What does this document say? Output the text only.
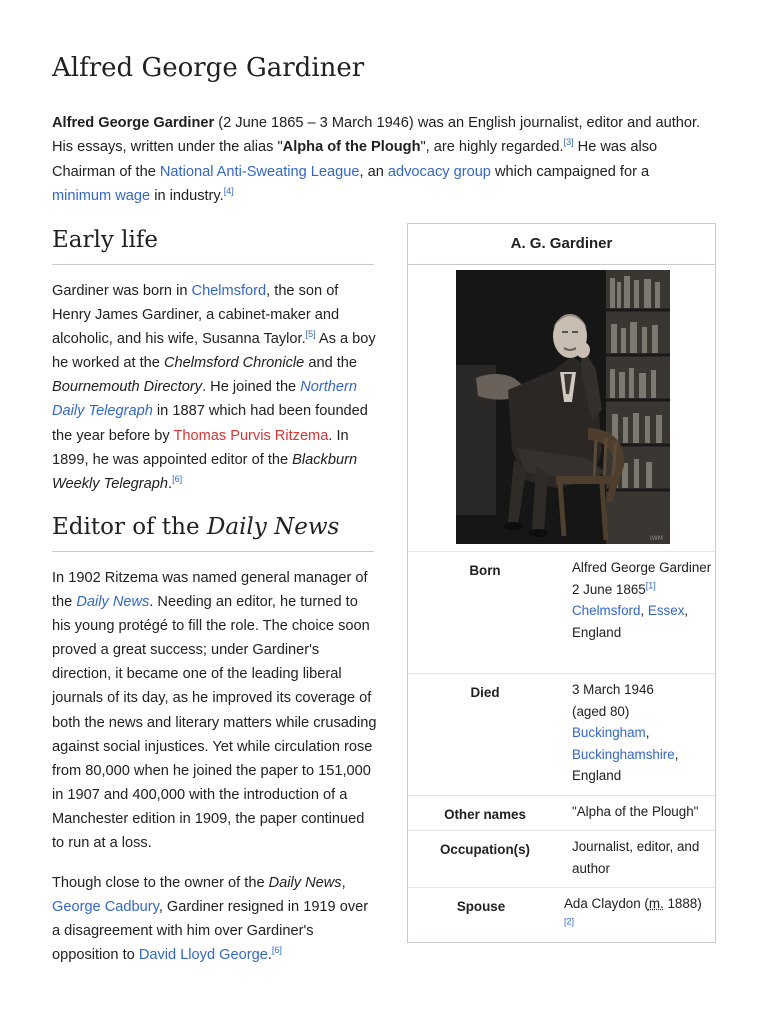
Alfred George Gardiner

Alfred George Gardiner (2 June 1865 – 3 March 1946) was an English journalist, editor and author. His essays, written under the alias "Alpha of the Plough", are highly regarded.[3] He was also Chairman of the National Anti-Sweating League, an advocacy group which campaigned for a minimum wage in industry.[4]

Early life

Gardiner was born in Chelmsford, the son of Henry James Gardiner, a cabinet-maker and alcoholic, and his wife, Susanna Taylor.[5] As a boy he worked at the Chelmsford Chronicle and the Bournemouth Directory. He joined the Northern Daily Telegraph in 1887 which had been founded the year before by Thomas Purvis Ritzema. In 1899, he was appointed editor of the Blackburn Weekly Telegraph.[6]

Editor of the Daily News

In 1902 Ritzema was named general manager of the Daily News. Needing an editor, he turned to his young protégé to fill the role. The choice soon proved a great success; under Gardiner's direction, it became one of the leading liberal journals of its day, as he improved its coverage of both the news and literary matters while crusading against social injustices. Yet while circulation rose from 80,000 when he joined the paper to 151,000 in 1907 and 400,000 with the introduction of a Manchester edition in 1909, the paper continued to run at a loss.

Though close to the owner of the Daily News, George Cadbury, Gardiner resigned in 1919 over a disagreement with him over Gardiner's opposition to David Lloyd George.[6]

A. G. Gardiner
IWM
Born	Alfred George Gardiner
2 June 1865[1]
Chelmsford, Essex,
England
Died	3 March 1946
(aged 80)
Buckingham,
Buckinghamshire,
England
Other names	"Alpha of the Plough"
Occupation(s)	Journalist, editor, and author
Spouse	Ada Claydon (m. 1888)
[2]
